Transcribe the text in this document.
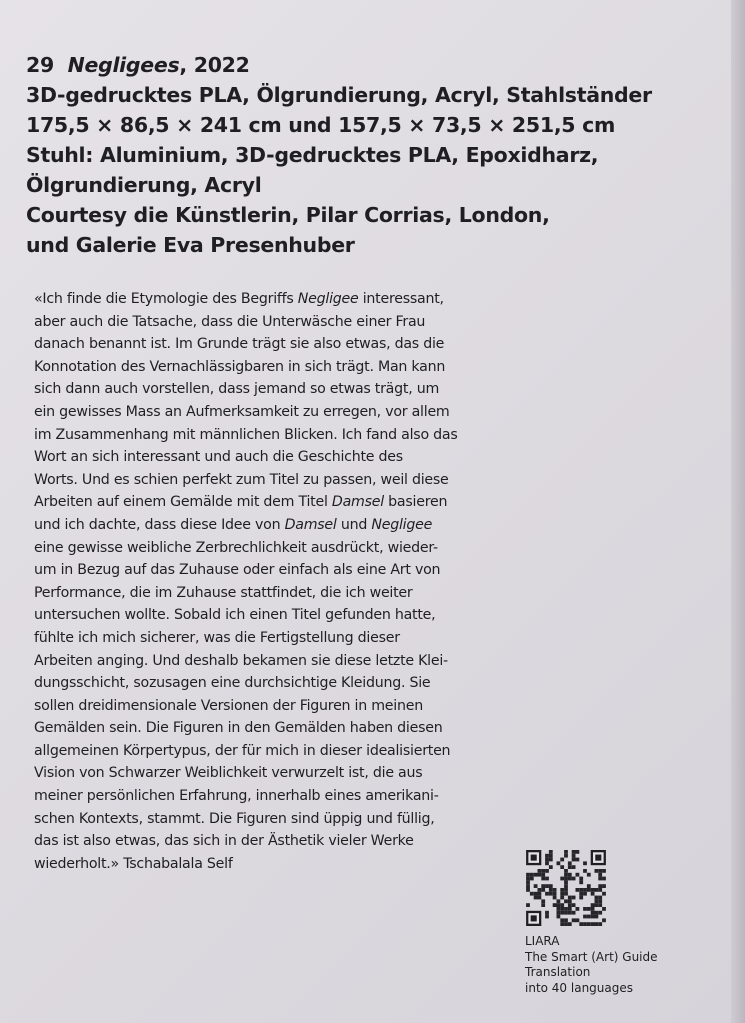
29 Negligees, 2022
3D-gedrucktes PLA, Ölgrundierung, Acryl, Stahlständer
175,5 × 86,5 × 241 cm und 157,5 × 73,5 × 251,5 cm
Stuhl: Aluminium, 3D-gedrucktes PLA, Epoxidharz,
Ölgrundierung, Acryl
Courtesy die Künstlerin, Pilar Corrias, London,
und Galerie Eva Presenhuber
«Ich finde die Etymologie des Begriffs Negligee interessant,
aber auch die Tatsache, dass die Unterwäsche einer Frau
danach benannt ist. Im Grunde trägt sie also etwas, das die
Konnotation des Vernachlässigbaren in sich trägt. Man kann
sich dann auch vorstellen, dass jemand so etwas trägt, um
ein gewisses Mass an Aufmerksamkeit zu erregen, vor allem
im Zusammenhang mit männlichen Blicken. Ich fand also das
Wort an sich interessant und auch die Geschichte des
Worts. Und es schien perfekt zum Titel zu passen, weil diese
Arbeiten auf einem Gemälde mit dem Titel Damsel basieren
und ich dachte, dass diese Idee von Damsel und Negligee
eine gewisse weibliche Zerbrechlichkeit ausdrückt, wieder-
um in Bezug auf das Zuhause oder einfach als eine Art von
Performance, die im Zuhause stattfindet, die ich weiter
untersuchen wollte. Sobald ich einen Titel gefunden hatte,
fühlte ich mich sicherer, was die Fertigstellung dieser
Arbeiten anging. Und deshalb bekamen sie diese letzte Klei-
dungsschicht, sozusagen eine durchsichtige Kleidung. Sie
sollen dreidimensionale Versionen der Figuren in meinen
Gemälden sein. Die Figuren in den Gemälden haben diesen
allgemeinen Körpertypus, der für mich in dieser idealisierten
Vision von Schwarzer Weiblichkeit verwurzelt ist, die aus
meiner persönlichen Erfahrung, innerhalb eines amerikani-
schen Kontexts, stammt. Die Figuren sind üppig und füllig,
das ist also etwas, das sich in der Ästhetik vieler Werke
wiederholt.» Tschabalala Self
LIARA
The Smart (Art) Guide
Translation
into 40 languages
